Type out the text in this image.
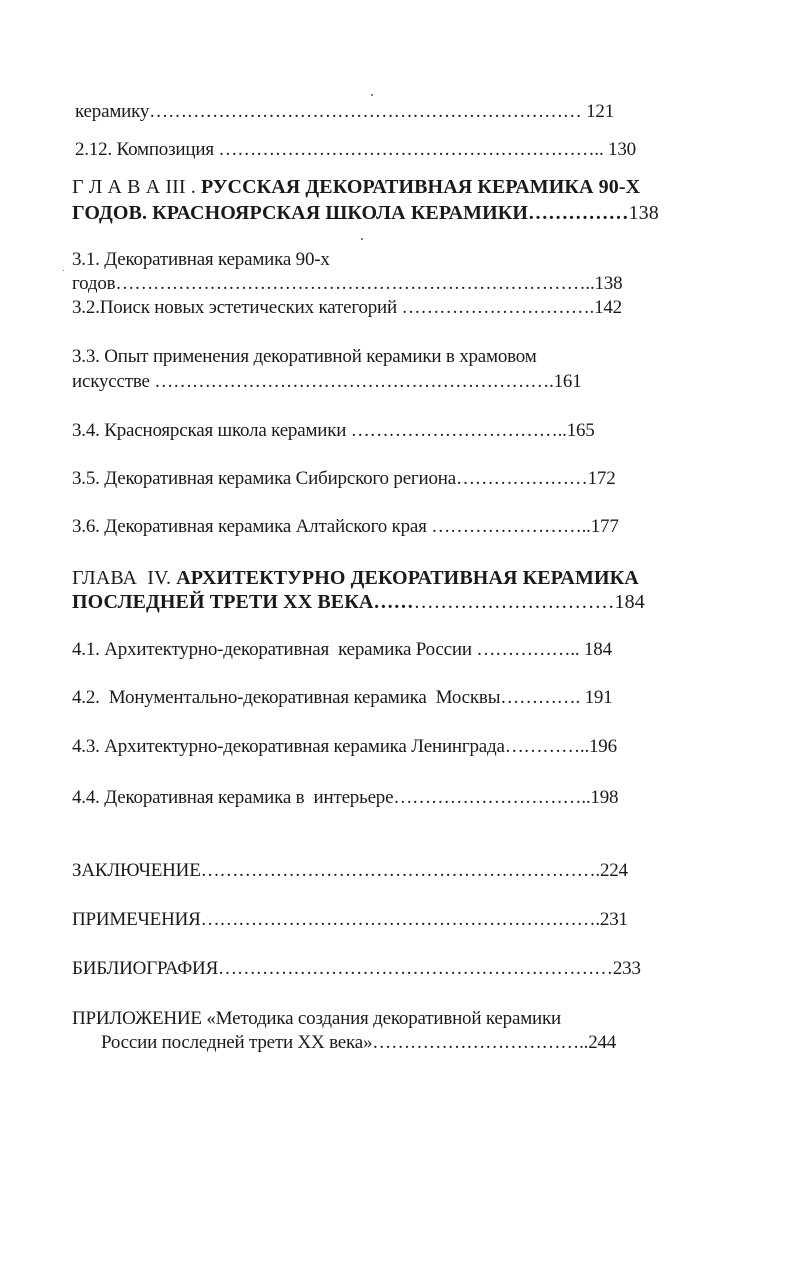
керамику…………………………………………………………… 121
2.12. Композиция …………………………………………………….. 130
Г Л А В А III . РУССКАЯ ДЕКОРАТИВНАЯ КЕРАМИКА 90-Х
ГОДОВ. КРАСНОЯРСКАЯ ШКОЛА КЕРАМИКИ……………138
3.1. Декоративная керамика 90-х
годов…………………………………………………………………..138
3.2.Поиск новых эстетических категорий ………………………….142
3.3. Опыт применения декоративной керамики в храмовом
искусстве ……………………………………………………….161
3.4. Красноярская школа керамики ……………………………..165
3.5. Декоративная керамика Сибирского региона…………………172
3.6. Декоративная керамика Алтайского края ……………………..177
ГЛАВА  IV. АРХИТЕКТУРНО ДЕКОРАТИВНАЯ КЕРАМИКА
ПОСЛЕДНЕЙ ТРЕТИ XX ВЕКА………………………………184
4.1. Архитектурно-декоративная  керамика России …………….. 184
4.2.  Монументально-декоративная керамика  Москвы…………. 191
4.3. Архитектурно-декоративная керамика Ленинграда…………..196
4.4. Декоративная керамика в  интерьере…………………………..198
ЗАКЛЮЧЕНИЕ……………………………………………………….224
ПРИМЕЧЕНИЯ……………………………………………………….231
БИБЛИОГРАФИЯ………………………………………………………233
ПРИЛОЖЕНИЕ «Методика создания декоративной керамики
России последней трети XX века»……………………………..244
